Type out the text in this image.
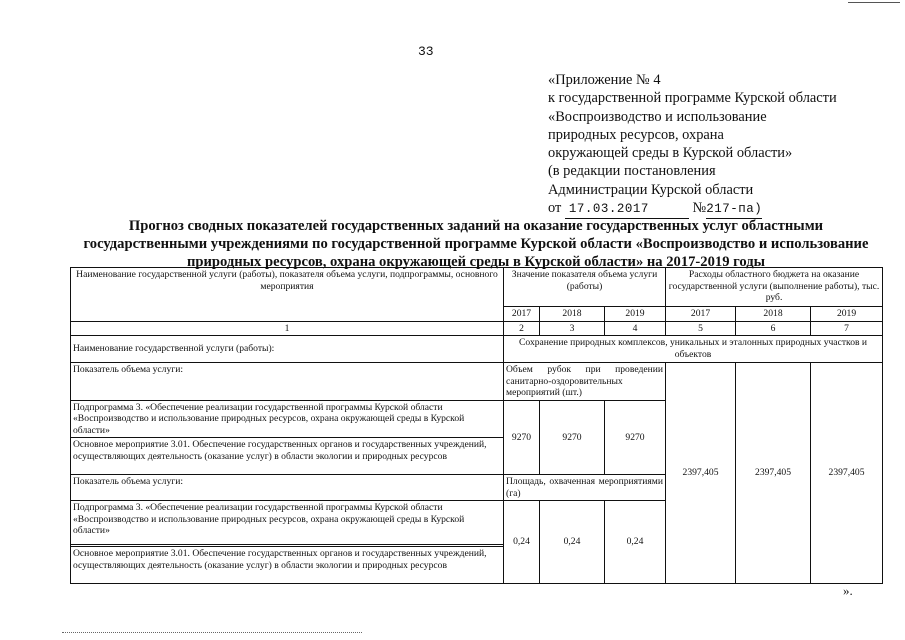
33
«Приложение № 4
к государственной программе Курской области
«Воспроизводство и использование
природных ресурсов, охрана
окружающей среды в Курской области»
(в редакции постановления
Администрации Курской области
от 17.03.2017	№217-па)
Прогноз сводных показателей государственных заданий на оказание государственных услуг областными государственными учреждениями по государственной программе Курской области «Воспроизводство и использование природных ресурсов, охрана окружающей среды в Курской области» на 2017-2019 годы
Наименование государственной услуги (работы), показателя объема услуги, подпрограммы, основного мероприятия	Значение показателя объема услуги (работы)			Расходы областного бюджета на оказание государственной услуги (выполнение работы), тыс. руб.		
	2017	2018	2019	2017	2018	2019
1	2	3	4	5	6	7
Наименование государственной услуги (работы):	Сохранение природных комплексов, уникальных и эталонных природных участков и объектов					
Показатель объема услуги:	Объем рубок при проведении санитарно-оздоровительных мероприятий (шт.)			2397,405	2397,405	2397,405
Подпрограмма 3. «Обеспечение реализации государственной программы Курской области «Воспроизводство и использование природных ресурсов, охрана окружающей среды в Курской области»	9270	9270	9270			
Основное мероприятие 3.01. Обеспечение государственных органов и государственных учреждений, осуществляющих деятельность (оказание услуг) в области экологии и природных ресурсов						
Показатель объема услуги:	Площадь, охваченная мероприятиями (га)					
Подпрограмма 3. «Обеспечение реализации государственной программы Курской области «Воспроизводство и использование природных ресурсов, охрана окружающей среды в Курской области»	0,24	0,24	0,24			

Основное мероприятие 3.01. Обеспечение государственных органов и государственных учреждений, осуществляющих деятельность (оказание услуг) в области экологии и природных ресурсов						
».
